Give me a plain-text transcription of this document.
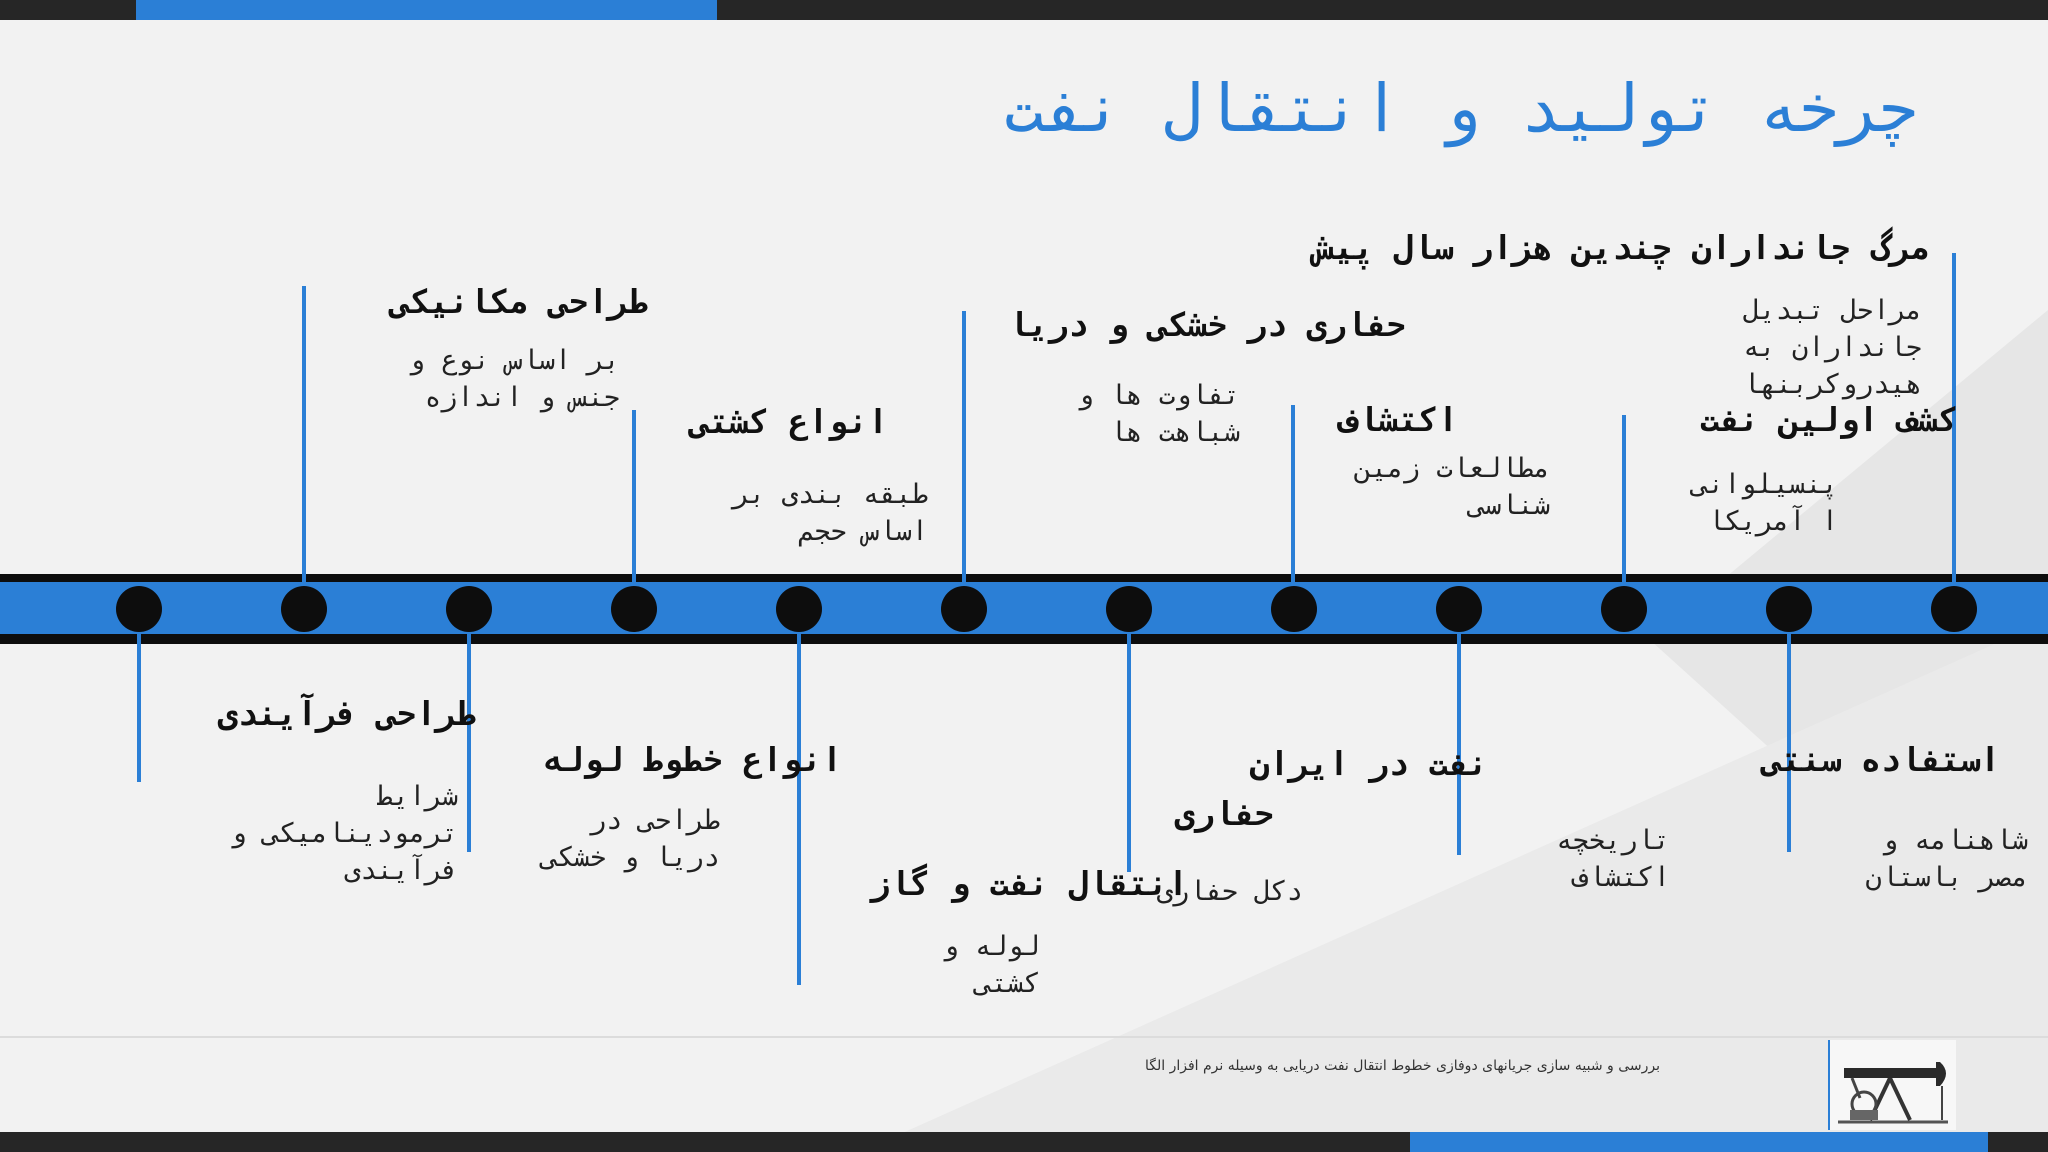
چرخه تولید و انتقال نفت
مرگ جانداران چندین هزار سال پیش
مراحل تبدیل
جانداران به
هیدروکربنها
کشف اولین نفت
پنسیلوانی
ا آمریکا
اکتشاف
مطالعات زمین
شناسی
حفاری در خشکی و دریا
تفاوت ها و
شباهت ها
انواع کشتی
طبقه بندی بر
اساس حجم
طراحی مکانیکی
بر اساس نوع و
جنس و اندازه
استفاده سنتی
شاهنامه و
مصر باستان
نفت در ایران
تاریخچه
اکتشاف
حفاری
دکل حفاری
انتقال نفت و گاز
لوله و
کشتی
انواع خطوط لوله
طراحی در
دریا و خشکی
طراحی فرآیندی
شرایط
ترمودینامیکی و
فرآیندی
بررسی و شبیه سازی جریانهای دوفازی خطوط انتقال نفت دریایی به وسیله نرم افزار الگا
